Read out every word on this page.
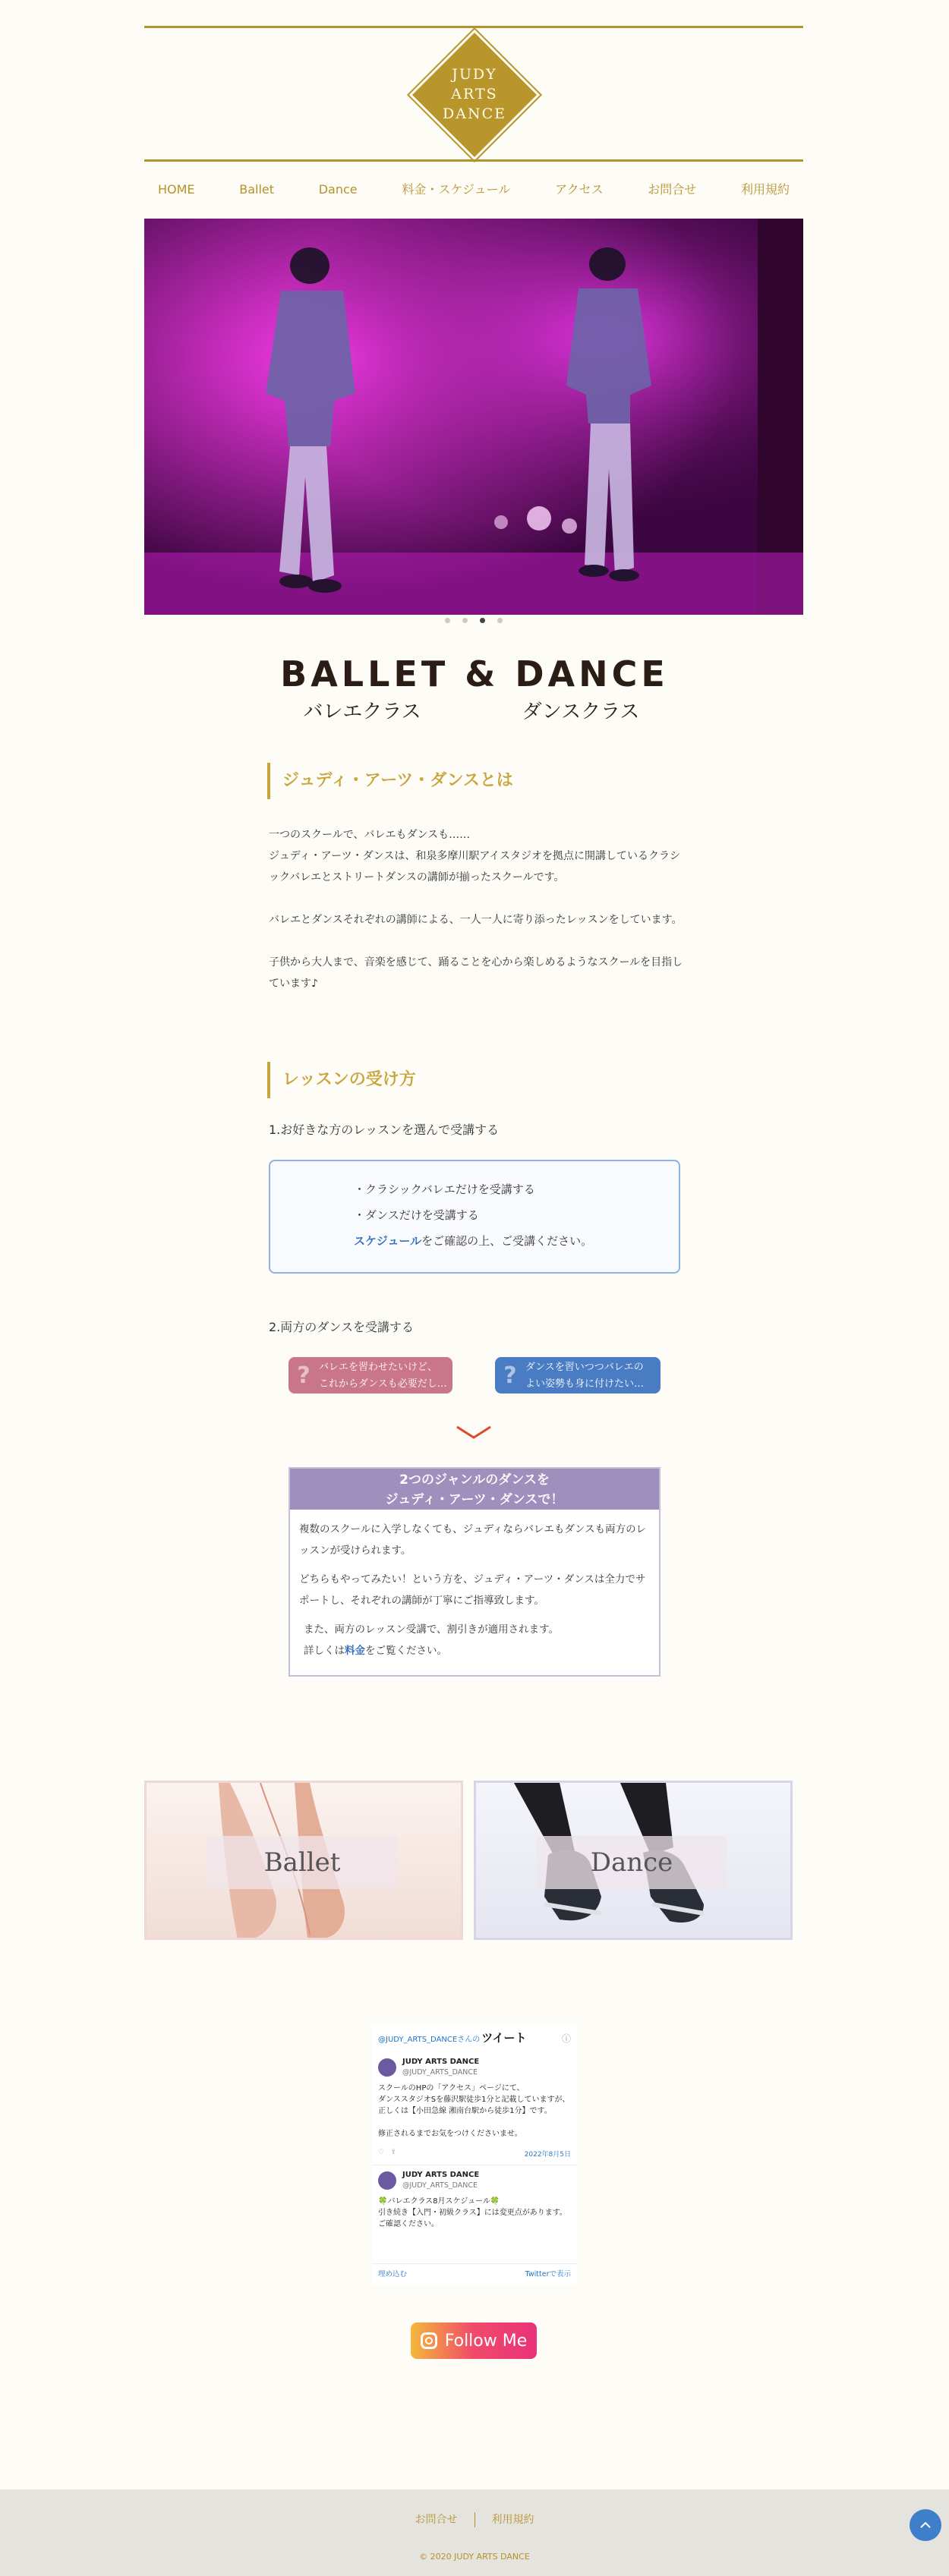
JUDY
ARTS
DANCE
HOME	Ballet	Dance	料金・スケジュール	アクセス	お問合せ	利用規約
BALLET & DANCE
バレエクラス	ダンスクラス
ジュディ・アーツ・ダンスとは

一つのスクールで、バレエもダンスも……
ジュディ・アーツ・ダンスは、和泉多摩川駅アイスタジオを拠点に開講しているクラシックバレエとストリートダンスの講師が揃ったスクールです。

バレエとダンスそれぞれの講師による、一人一人に寄り添ったレッスンをしています。

子供から大人まで、音楽を感じて、踊ることを心から楽しめるようなスクールを目指しています♪

レッスンの受け方
1.お好きな方のレッスンを選んで受講する
・クラシックバレエだけを受講する
・ダンスだけを受講する
スケジュールをご確認の上、ご受講ください。
2.両方のダンスを受講する
? バレエを習わせたいけど、
これからダンスも必要だし…	? ダンスを習いつつバレエの
よい姿勢も身に付けたい…
2つのジャンルのダンスを
ジュディ・アーツ・ダンスで！

複数のスクールに入学しなくても、ジュディならバレエもダンスも両方のレッスンが受けられます。

どちらもやってみたい！という方を、ジュディ・アーツ・ダンスは全力でサポートし、それぞれの講師が丁寧にご指導致します。

また、両方のレッスン受講で、割引きが適用されます。

詳しくは料金をご覧ください。

Ballet	Dance
@JUDY_ARTS_DANCEさんの ツイート	ⓘ
JUDY ARTS DANCE
@JUDY_ARTS_DANCE
スクールのHPの「アクセス」ページにて、
ダンススタジオSを藤沢駅徒歩1分と記載していますが、正しくは【小田急線 湘南台駅から徒歩1分】です。

修正されるまでお気をつけくださいませ。
♡   ⇪	2022年8月5日
JUDY ARTS DANCE
@JUDY_ARTS_DANCE
🍀バレエクラス8月スケジュール🍀
引き続き【入門・初級クラス】には変更点があります。
ご確認ください。
埋め込む	Twitterで表示
Follow Me
お問合せ	利用規約
© 2020 JUDY ARTS DANCE
